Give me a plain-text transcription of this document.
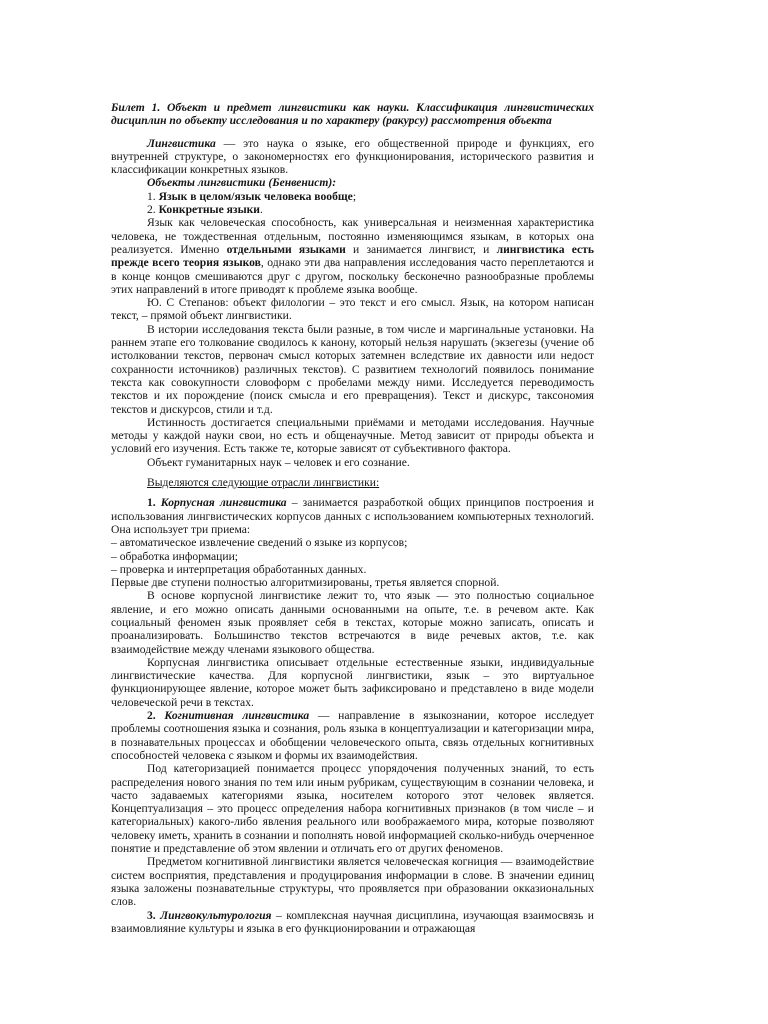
Билет 1. Объект и предмет лингвистики как науки. Классификация лингвистических дисциплин по объекту исследования и по характеру (ракурсу) рассмотрения объекта

Лингвистика — это наука о языке, его общественной природе и функциях, его внутренней структуре, о закономерностях его функционирования, исторического развития и классификации конкретных языков.

Объекты лингвистики (Бенвенист):

1. Язык в целом/язык человека вообще;

2. Конкретные языки.

Язык как человеческая способность, как универсальная и неизменная характеристика человека, не тождественная отдельным, постоянно изменяющимся языкам, в которых она реализуется. Именно отдельными языками и занимается лингвист, и лингвистика есть прежде всего теория языков, однако эти два направления исследования часто переплетаются и в конце концов смешиваются друг с другом, поскольку бесконечно разнообразные проблемы этих направлений в итоге приводят к проблеме языка вообще.

Ю. С Степанов: объект филологии – это текст и его смысл. Язык, на котором написан текст, – прямой объект лингвистики.

В истории исследования текста были разные, в том числе и маргинальные установки. На раннем этапе его толкование сводилось к канону, который нельзя нарушать (экзегезы (учение об истолковании текстов, первонач смысл которых затемнен вследствие их давности или недост сохранности источников) различных текстов). С развитием технологий появилось понимание текста как совокупности словоформ с пробелами между ними. Исследуется переводимость текстов и их порождение (поиск смысла и его превращения). Текст и дискурс, таксономия текстов и дискурсов, стили и т.д.

Истинность достигается специальными приёмами и методами исследования. Научные методы у каждой науки свои, но есть и общенаучные. Метод зависит от природы объекта и условий его изучения. Есть также те, которые зависят от субъективного фактора.

Объект гуманитарных наук – человек и его сознание.

Выделяются следующие отрасли лингвистики:

1. Корпусная лингвистика – занимается разработкой общих принципов построения и использования лингвистических корпусов данных с использованием компьютерных технологий. Она использует три приема:

– автоматическое извлечение сведений о языке из корпусов;

– обработка информации;

– проверка и интерпретация обработанных данных.

Первые две ступени полностью алгоритмизированы, третья является спорной.

В основе корпусной лингвистике лежит то, что язык — это полностью социальное явление, и его можно описать данными основанными на опыте, т.е. в речевом акте. Как социальный феномен язык проявляет себя в текстах, которые можно записать, описать и проанализировать. Большинство текстов встречаются в виде речевых актов, т.е. как взаимодействие между членами языкового общества.

Корпусная лингвистика описывает отдельные естественные языки, индивидуальные лингвистические качества. Для корпусной лингвистики, язык – это виртуальное функционирующее явление, которое может быть зафиксировано и представлено в виде модели человеческой речи в текстах.

2. Когнитивная лингвистика — направление в языкознании, которое исследует проблемы соотношения языка и сознания, роль языка в концептуализации и категоризации мира, в познавательных процессах и обобщении человеческого опыта, связь отдельных когнитивных способностей человека с языком и формы их взаимодействия.

Под категоризацией понимается процесс упорядочения полученных знаний, то есть распределения нового знания по тем или иным рубрикам, существующим в сознании человека, и часто задаваемых категориями языка, носителем которого этот человек является. Концептуализация – это процесс определения набора когнитивных признаков (в том числе – и категориальных) какого-либо явления реального или воображаемого мира, которые позволяют человеку иметь, хранить в сознании и пополнять новой информацией сколько-нибудь очерченное понятие и представление об этом явлении и отличать его от других феноменов.

Предметом когнитивной лингвистики является человеческая когниция — взаимодействие систем восприятия, представления и продуцирования информации в слове. В значении единиц языка заложены познавательные структуры, что проявляется при образовании окказиональных слов.

3. Лингвокультурология – комплексная научная дисциплина, изучающая взаимосвязь и взаимовлияние культуры и языка в его функционировании и отражающая
